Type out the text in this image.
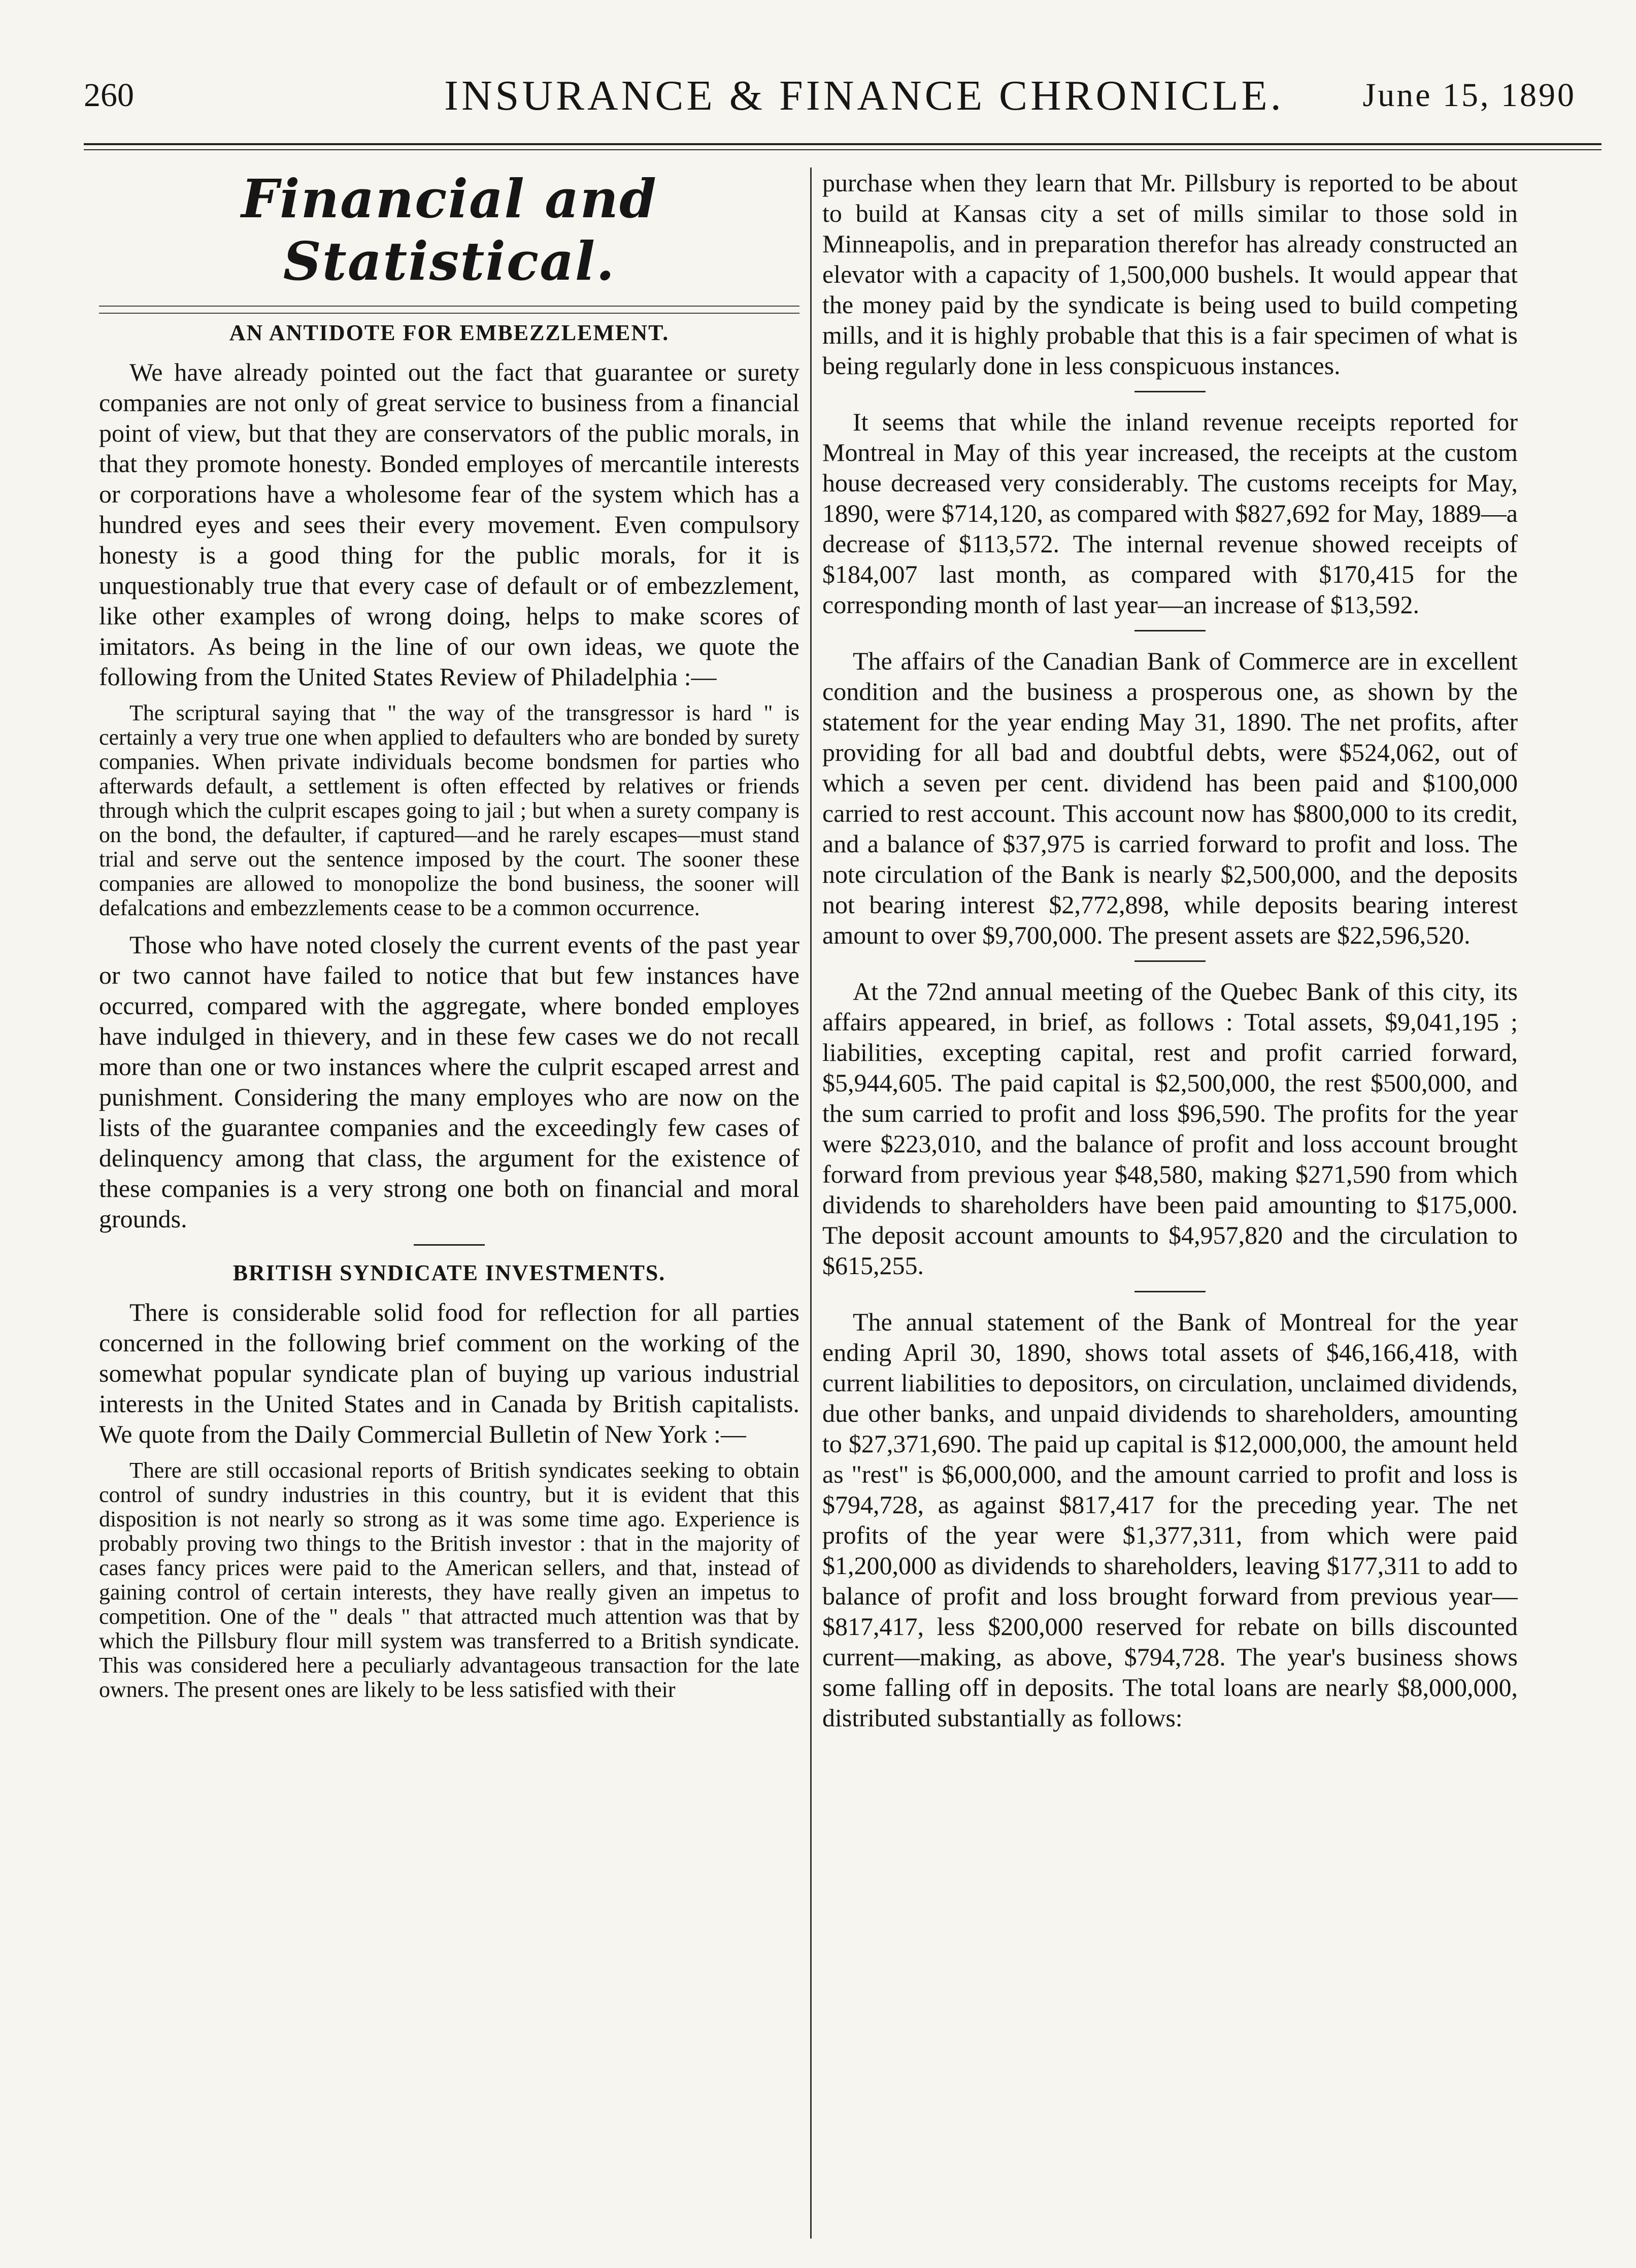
260	INSURANCE & FINANCE CHRONICLE. June 15, 1890
Financial and Statistical.
AN ANTIDOTE FOR EMBEZZLEMENT.

We have already pointed out the fact that guarantee or surety companies are not only of great service to business from a financial point of view, but that they are conservators of the public morals, in that they promote honesty. Bonded employes of mercantile interests or corporations have a wholesome fear of the system which has a hundred eyes and sees their every movement. Even compulsory honesty is a good thing for the public morals, for it is unquestionably true that every case of default or of embezzlement, like other examples of wrong doing, helps to make scores of imitators. As being in the line of our own ideas, we quote the following from the United States Review of Philadelphia :—

The scriptural saying that " the way of the transgressor is hard " is certainly a very true one when applied to defaulters who are bonded by surety companies. When private individuals become bondsmen for parties who afterwards default, a settlement is often effected by relatives or friends through which the culprit escapes going to jail ; but when a surety company is on the bond, the defaulter, if captured—and he rarely escapes—must stand trial and serve out the sentence imposed by the court. The sooner these companies are allowed to monopolize the bond business, the sooner will defalcations and embezzlements cease to be a common occurrence.

Those who have noted closely the current events of the past year or two cannot have failed to notice that but few instances have occurred, compared with the aggregate, where bonded employes have indulged in thievery, and in these few cases we do not recall more than one or two instances where the culprit escaped arrest and punishment. Considering the many employes who are now on the lists of the guarantee companies and the exceedingly few cases of delinquency among that class, the argument for the existence of these companies is a very strong one both on financial and moral grounds.

BRITISH SYNDICATE INVESTMENTS.

There is considerable solid food for reflection for all parties concerned in the following brief comment on the working of the somewhat popular syndicate plan of buying up various industrial interests in the United States and in Canada by British capitalists. We quote from the Daily Commercial Bulletin of New York :—

There are still occasional reports of British syndicates seeking to obtain control of sundry industries in this country, but it is evident that this disposition is not nearly so strong as it was some time ago. Experience is probably proving two things to the British investor : that in the majority of cases fancy prices were paid to the American sellers, and that, instead of gaining control of certain interests, they have really given an impetus to competition. One of the " deals " that attracted much attention was that by which the Pillsbury flour mill system was transferred to a British syndicate. This was considered here a peculiarly advantageous transaction for the late owners. The present ones are likely to be less satisfied with their

purchase when they learn that Mr. Pillsbury is reported to be about to build at Kansas city a set of mills similar to those sold in Minneapolis, and in preparation therefor has already constructed an elevator with a capacity of 1,500,000 bushels. It would appear that the money paid by the syndicate is being used to build competing mills, and it is highly probable that this is a fair specimen of what is being regularly done in less conspicuous instances.

It seems that while the inland revenue receipts reported for Montreal in May of this year increased, the receipts at the custom house decreased very considerably. The customs receipts for May, 1890, were $714,120, as compared with $827,692 for May, 1889—a decrease of $113,572. The internal revenue showed receipts of $184,007 last month, as compared with $170,415 for the corresponding month of last year—an increase of $13,592.

The affairs of the Canadian Bank of Commerce are in excellent condition and the business a prosperous one, as shown by the statement for the year ending May 31, 1890. The net profits, after providing for all bad and doubtful debts, were $524,062, out of which a seven per cent. dividend has been paid and $100,000 carried to rest account. This account now has $800,000 to its credit, and a balance of $37,975 is carried forward to profit and loss. The note circulation of the Bank is nearly $2,500,000, and the deposits not bearing interest $2,772,898, while deposits bearing interest amount to over $9,700,000. The present assets are $22,596,520.

At the 72nd annual meeting of the Quebec Bank of this city, its affairs appeared, in brief, as follows : Total assets, $9,041,195 ; liabilities, excepting capital, rest and profit carried forward, $5,944,605. The paid capital is $2,500,000, the rest $500,000, and the sum carried to profit and loss $96,590. The profits for the year were $223,010, and the balance of profit and loss account brought forward from previous year $48,580, making $271,590 from which dividends to shareholders have been paid amounting to $175,000. The deposit account amounts to $4,957,820 and the circulation to $615,255.

The annual statement of the Bank of Montreal for the year ending April 30, 1890, shows total assets of $46,166,418, with current liabilities to depositors, on circulation, unclaimed dividends, due other banks, and unpaid dividends to shareholders, amounting to $27,371,690. The paid up capital is $12,000,000, the amount held as "rest" is $6,000,000, and the amount carried to profit and loss is $794,728, as against $817,417 for the preceding year. The net profits of the year were $1,377,311, from which were paid $1,200,000 as dividends to shareholders, leaving $177,311 to add to balance of profit and loss brought forward from previous year—$817,417, less $200,000 reserved for rebate on bills discounted current—making, as above, $794,728. The year's business shows some falling off in deposits. The total loans are nearly $8,000,000, distributed substantially as follows:
